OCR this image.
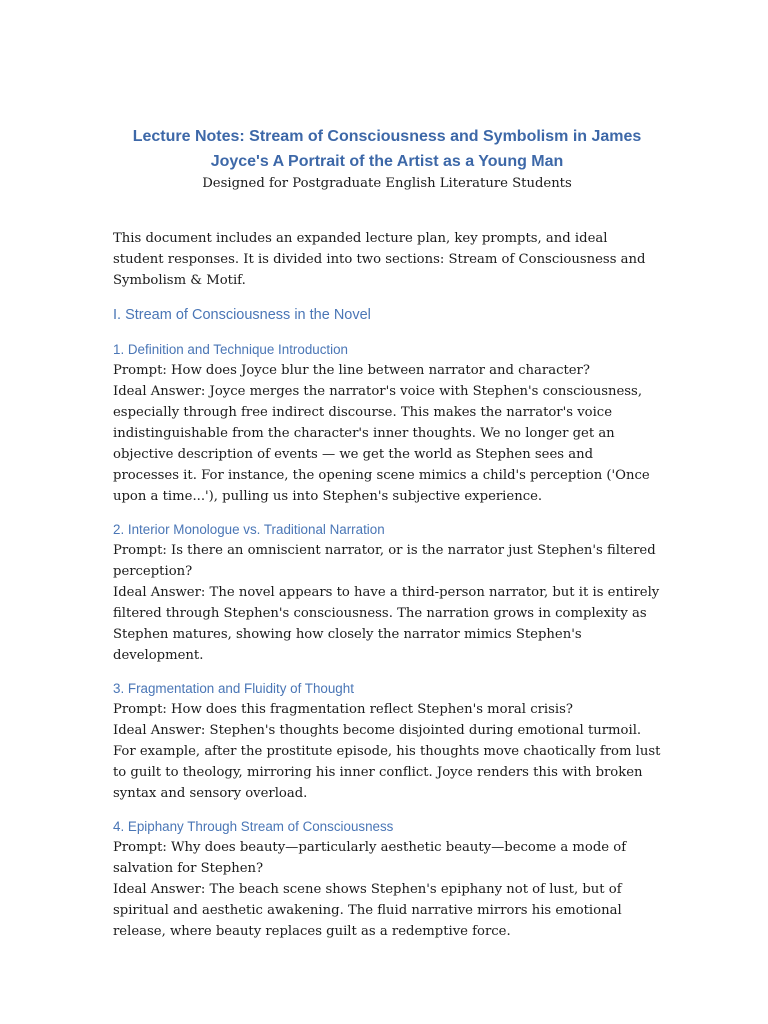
Lecture Notes: Stream of Consciousness and Symbolism in James Joyce's A Portrait of the Artist as a Young Man

Designed for Postgraduate English Literature Students

This document includes an expanded lecture plan, key prompts, and ideal student responses. It is divided into two sections: Stream of Consciousness and Symbolism & Motif.

I. Stream of Consciousness in the Novel
1. Definition and Technique Introduction

Prompt: How does Joyce blur the line between narrator and character?

Ideal Answer: Joyce merges the narrator's voice with Stephen's consciousness, especially through free indirect discourse. This makes the narrator's voice indistinguishable from the character's inner thoughts. We no longer get an objective description of events — we get the world as Stephen sees and processes it. For instance, the opening scene mimics a child's perception ('Once upon a time...'), pulling us into Stephen's subjective experience.

2. Interior Monologue vs. Traditional Narration

Prompt: Is there an omniscient narrator, or is the narrator just Stephen's filtered perception?

Ideal Answer: The novel appears to have a third-person narrator, but it is entirely filtered through Stephen's consciousness. The narration grows in complexity as Stephen matures, showing how closely the narrator mimics Stephen's development.

3. Fragmentation and Fluidity of Thought

Prompt: How does this fragmentation reflect Stephen's moral crisis?

Ideal Answer: Stephen's thoughts become disjointed during emotional turmoil. For example, after the prostitute episode, his thoughts move chaotically from lust to guilt to theology, mirroring his inner conflict. Joyce renders this with broken syntax and sensory overload.

4. Epiphany Through Stream of Consciousness

Prompt: Why does beauty—particularly aesthetic beauty—become a mode of salvation for Stephen?

Ideal Answer: The beach scene shows Stephen's epiphany not of lust, but of spiritual and aesthetic awakening. The fluid narrative mirrors his emotional release, where beauty replaces guilt as a redemptive force.
